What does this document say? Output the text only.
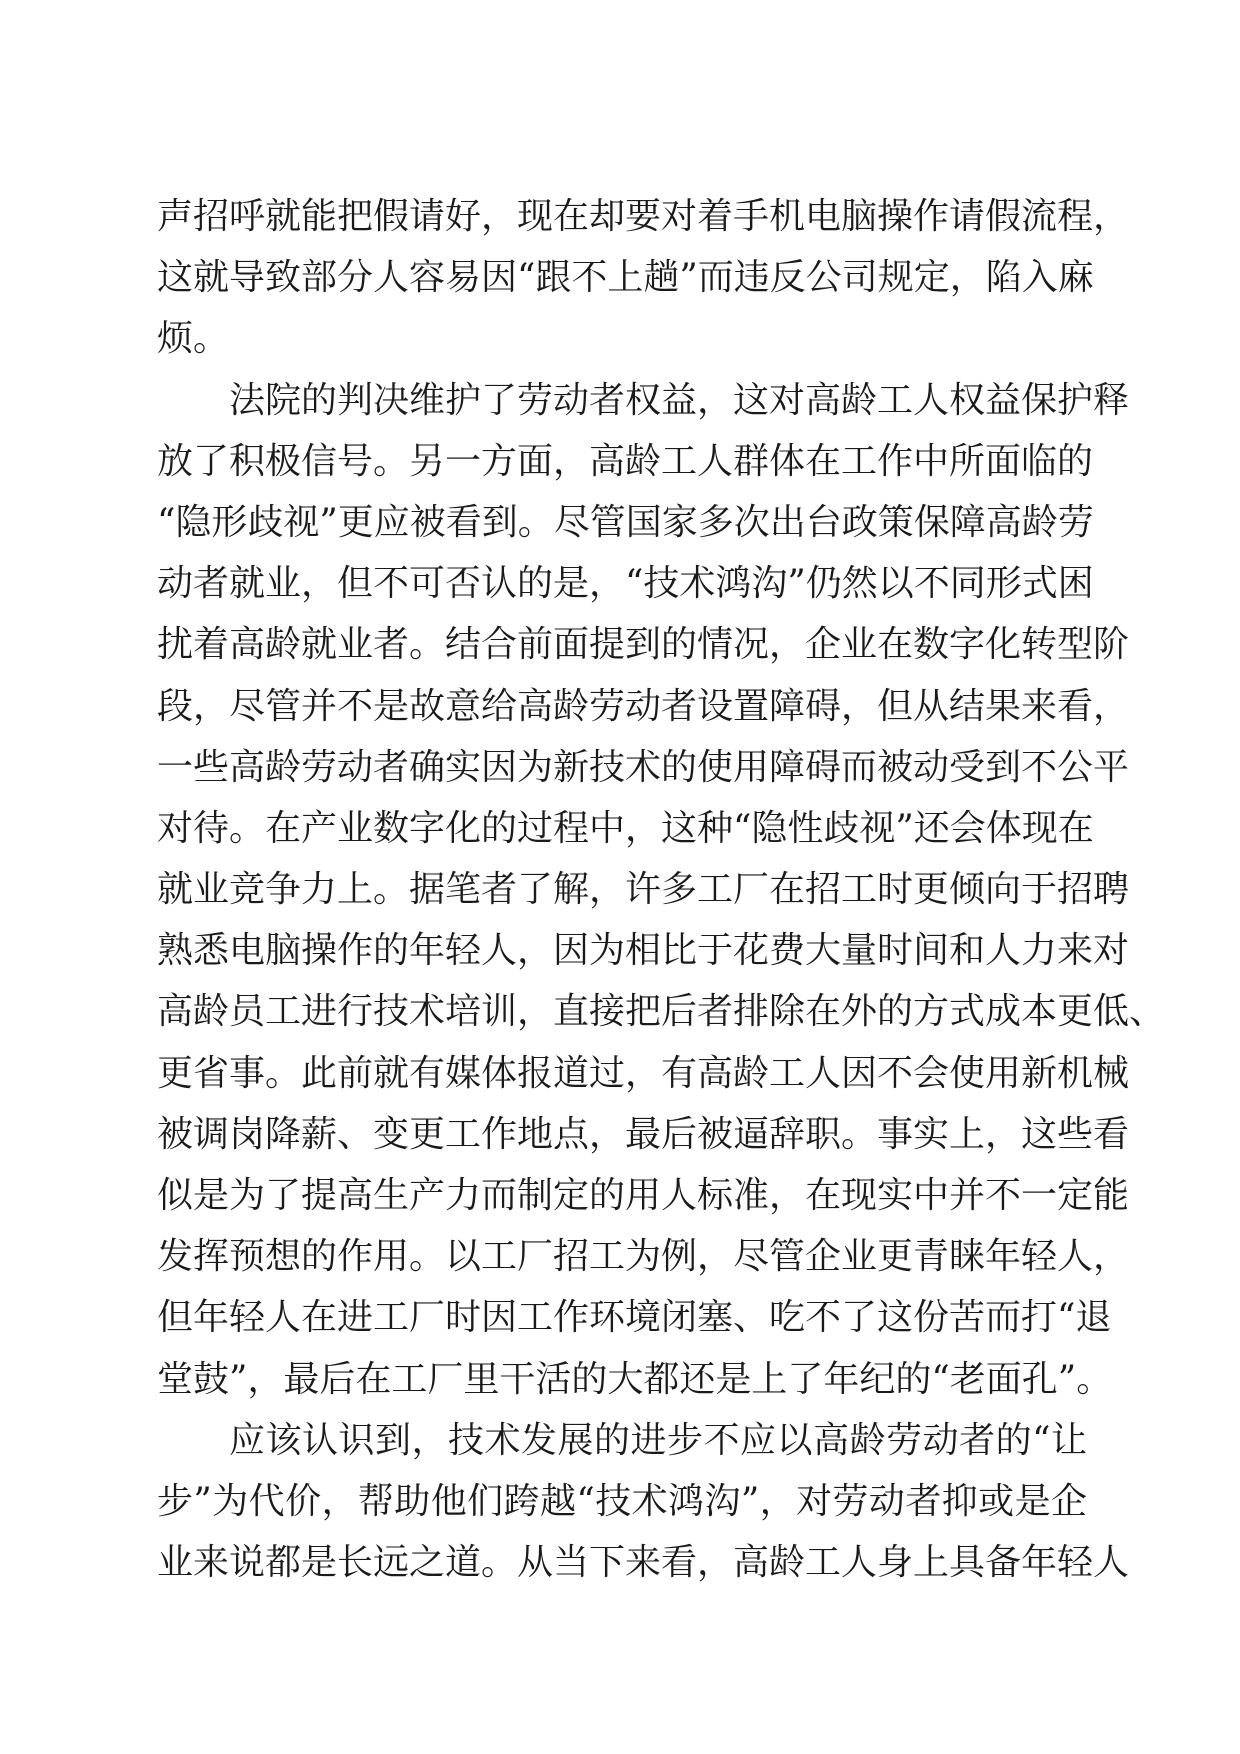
声招呼就能把假请好，现在却要对着手机电脑操作请假流程，
这就导致部分人容易因“跟不上趟”而违反公司规定，陷入麻
烦。
法院的判决维护了劳动者权益，这对高龄工人权益保护释
放了积极信号。另一方面，高龄工人群体在工作中所面临的
“隐形歧视”更应被看到。尽管国家多次出台政策保障高龄劳
动者就业，但不可否认的是，“技术鸿沟”仍然以不同形式困
扰着高龄就业者。结合前面提到的情况，企业在数字化转型阶
段，尽管并不是故意给高龄劳动者设置障碍，但从结果来看，
一些高龄劳动者确实因为新技术的使用障碍而被动受到不公平
对待。在产业数字化的过程中，这种“隐性歧视”还会体现在
就业竞争力上。据笔者了解，许多工厂在招工时更倾向于招聘
熟悉电脑操作的年轻人，因为相比于花费大量时间和人力来对
高龄员工进行技术培训，直接把后者排除在外的方式成本更低、
更省事。此前就有媒体报道过，有高龄工人因不会使用新机械
被调岗降薪、变更工作地点，最后被逼辞职。事实上，这些看
似是为了提高生产力而制定的用人标准，在现实中并不一定能
发挥预想的作用。以工厂招工为例，尽管企业更青睐年轻人，
但年轻人在进工厂时因工作环境闭塞、吃不了这份苦而打“退
堂鼓”，最后在工厂里干活的大都还是上了年纪的“老面孔”。
应该认识到，技术发展的进步不应以高龄劳动者的“让
步”为代价，帮助他们跨越“技术鸿沟”，对劳动者抑或是企
业来说都是长远之道。从当下来看，高龄工人身上具备年轻人
